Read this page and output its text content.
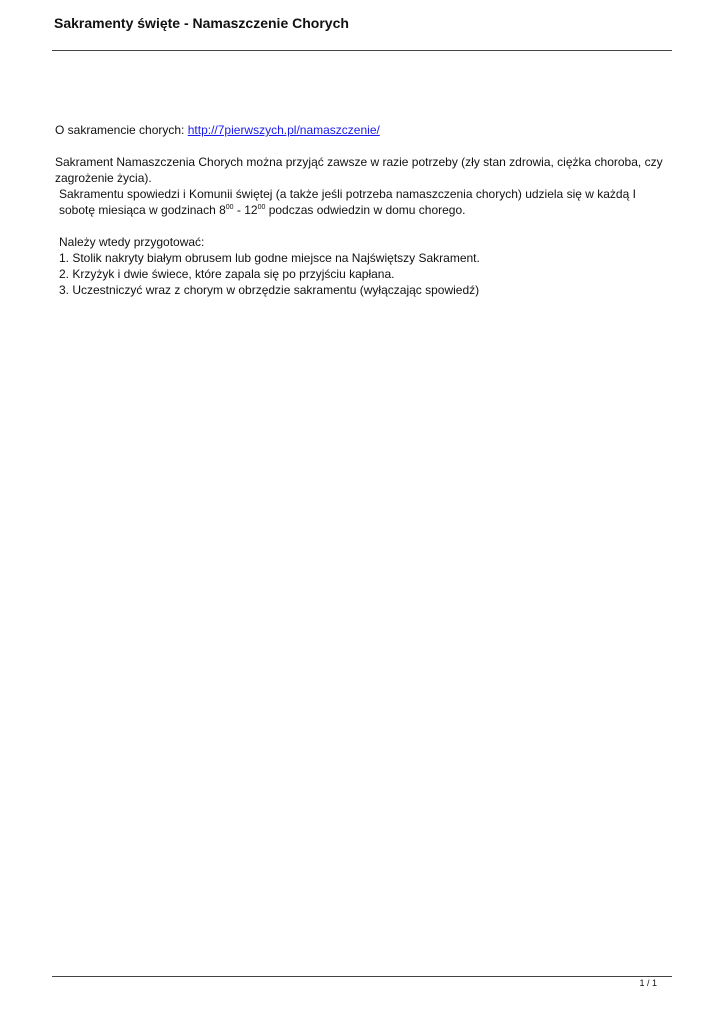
Sakramenty święte - Namaszczenie Chorych

O sakramencie chorych: http://7pierwszych.pl/namaszczenie/

Sakrament Namaszczenia Chorych można przyjąć zawsze w razie potrzeby (zły stan zdrowia, ciężka choroba, czy zagrożenie życia).

Sakramentu spowiedzi i Komunii świętej (a także jeśli potrzeba namaszczenia chorych) udziela się w każdą I sobotę miesiąca w godzinach $8^{00} - 12^{00}$ podczas odwiedzin w domu chorego.

Należy wtedy przygotować:

1. Stolik nakryty białym obrusem lub godne miejsce na Najświętszy Sakrament.

2. Krzyżyk i dwie świece, które zapala się po przyjściu kapłana.

3. Uczestniczyć wraz z chorym w obrzędzie sakramentu (wyłączając spowiedź)

1 / 1
